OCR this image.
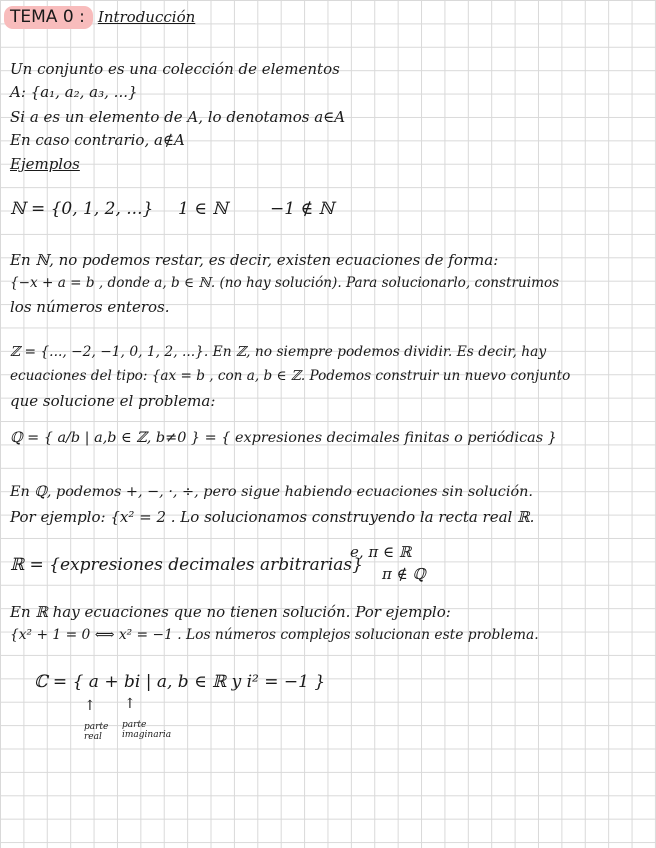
TEMA 0 : Introducción
Un conjunto es una colección de elementos
A: {a₁, a₂, a₃, ...}
Si a es un elemento de A, lo denotamos a∈A
En caso contrario, a∉A
Ejemplos
ℕ = {0, 1, 2, ...} 1 ∈ ℕ −1 ∉ ℕ
En ℕ, no podemos restar, es decir, existen ecuaciones de forma:
{−x + a = b , donde a, b ∈ ℕ. (no hay solución). Para solucionarlo, construimos
los números enteros.
ℤ = {..., −2, −1, 0, 1, 2, ...}. En ℤ, no siempre podemos dividir. Es decir, hay
ecuaciones del tipo: {ax = b , con a, b ∈ ℤ. Podemos construir un nuevo conjunto
que solucione el problema:
ℚ = { a/b | a,b ∈ ℤ, b≠0 } = { expresiones decimales finitas o periódicas }
En ℚ, podemos +, −, ·, ÷, pero sigue habiendo ecuaciones sin solución.
Por ejemplo: {x² = 2 . Lo solucionamos construyendo la recta real ℝ.
ℝ = {expresiones decimales arbitrarias}
e, π ∈ ℝ
π ∉ ℚ
En ℝ hay ecuaciones que no tienen solución. Por ejemplo:
{x² + 1 = 0 ⟺ x² = −1 . Los números complejos solucionan este problema.
ℂ = { a + bi | a, b ∈ ℝ y i² = −1 }
↑ ↑
parte real
parte imaginaria
